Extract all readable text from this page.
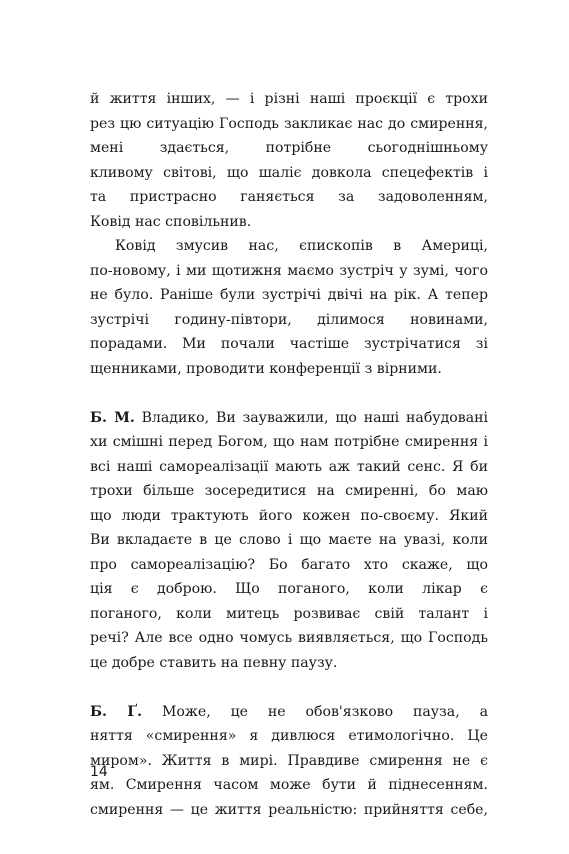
й життя інших, — і різні наші проєкції є трохи
рез цю ситуацію Господь закликає нас до смирення,
мені здається, потрібне сьогоднішньому
кливому світові, що шаліє довкола спецефектів і
та пристрасно ганяється за задоволенням,
Ковід нас сповільнив.
Ковід змусив нас, єпископів в Америці,
по-новому, і ми щотижня маємо зустріч у зумі, чого
не було. Раніше були зустрічі двічі на рік. А тепер
зустрічі годину-півтори, ділимося новинами,
порадами. Ми почали частіше зустрічатися зі
щенниками, проводити конференції з вірними.
Б. М. Владико, Ви зауважили, що наші набудовані
хи смішні перед Богом, що нам потрібне смирення і
всі наші самореалізації мають аж такий сенс. Я би
трохи більше зосередитися на смиренні, бо маю
що люди трактують його кожен по-своєму. Який
Ви вкладаєте в це слово і що маєте на увазі, коли
про самореалізацію? Бо багато хто скаже, що
ція є доброю. Що поганого, коли лікар є
поганого, коли митець розвиває свій талант і
речі? Але все одно чомусь виявляється, що Господь
це добре ставить на певну паузу.
Б. Ґ. Може, це не обов'язково пауза, а
няття «смирення» я дивлюся етимологічно. Це
миром». Життя в мирі. Правдиве смирення не є
ям. Смирення часом може бути й піднесенням.
смирення — це життя реальністю: прийняття себе,
14
